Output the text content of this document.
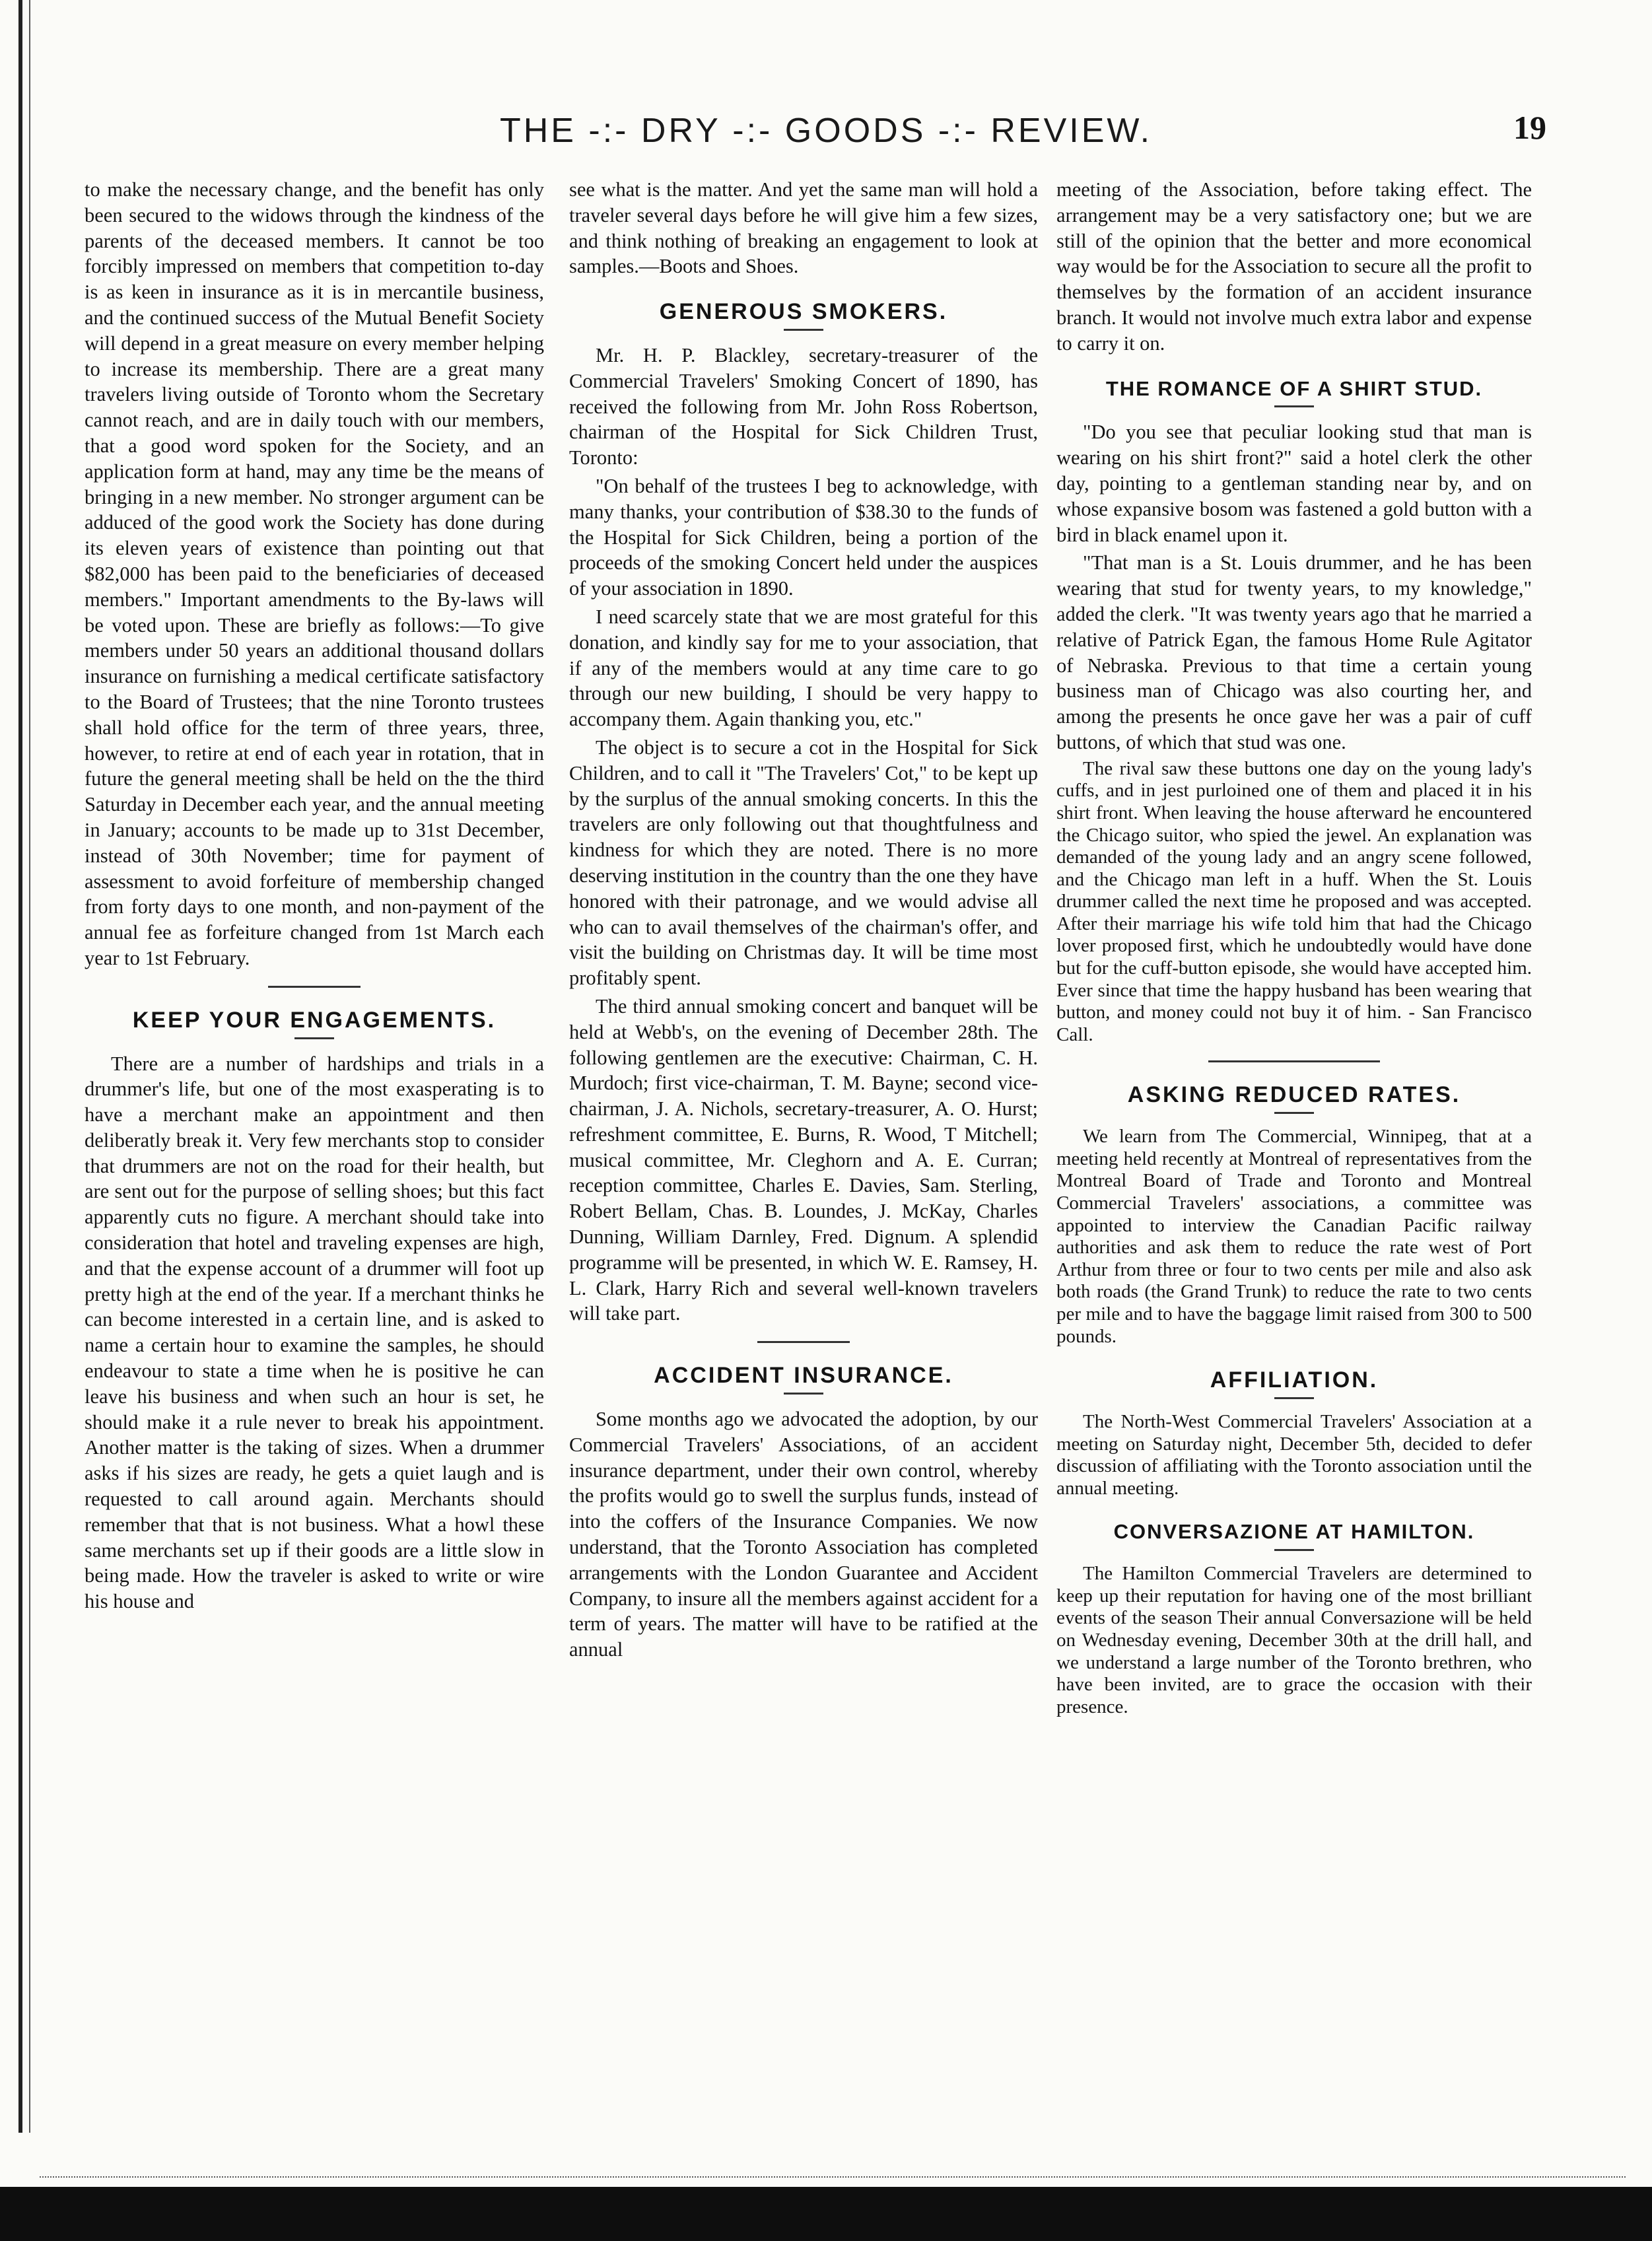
THE -:- DRY -:- GOODS -:- REVIEW.	19

to make the necessary change, and the benefit has only been secured to the widows through the kindness of the parents of the deceased members. It cannot be too forcibly impressed on members that competition to-day is as keen in insurance as it is in mercantile business, and the continued success of the Mutual Benefit Society will depend in a great measure on every member helping to increase its membership. There are a great many travelers living outside of Toronto whom the Secretary cannot reach, and are in daily touch with our members, that a good word spoken for the Society, and an application form at hand, may any time be the means of bringing in a new member. No stronger argument can be adduced of the good work the Society has done during its eleven years of existence than pointing out that $82,000 has been paid to the beneficiaries of deceased members." Important amendments to the By-laws will be voted upon. These are briefly as follows:—To give members under 50 years an additional thousand dollars insurance on furnishing a medical certificate satisfactory to the Board of Trustees; that the nine Toronto trustees shall hold office for the term of three years, three, however, to retire at end of each year in rotation, that in future the general meeting shall be held on the the third Saturday in December each year, and the annual meeting in January; accounts to be made up to 31st December, instead of 30th November; time for payment of assessment to avoid forfeiture of membership changed from forty days to one month, and non-payment of the annual fee as forfeiture changed from 1st March each year to 1st February.

KEEP YOUR ENGAGEMENTS.

There are a number of hardships and trials in a drummer's life, but one of the most exasperating is to have a merchant make an appointment and then deliberatly break it. Very few merchants stop to consider that drummers are not on the road for their health, but are sent out for the purpose of selling shoes; but this fact apparently cuts no figure. A merchant should take into consideration that hotel and traveling expenses are high, and that the expense account of a drummer will foot up pretty high at the end of the year. If a merchant thinks he can become interested in a certain line, and is asked to name a certain hour to examine the samples, he should endeavour to state a time when he is positive he can leave his business and when such an hour is set, he should make it a rule never to break his appointment. Another matter is the taking of sizes. When a drummer asks if his sizes are ready, he gets a quiet laugh and is requested to call around again. Merchants should remember that that is not business. What a howl these same merchants set up if their goods are a little slow in being made. How the traveler is asked to write or wire his house and

see what is the matter. And yet the same man will hold a traveler several days before he will give him a few sizes, and think nothing of breaking an engagement to look at samples.—Boots and Shoes.

GENEROUS SMOKERS.

Mr. H. P. Blackley, secretary-treasurer of the Commercial Travelers' Smoking Concert of 1890, has received the following from Mr. John Ross Robertson, chairman of the Hospital for Sick Children Trust, Toronto:

"On behalf of the trustees I beg to acknowledge, with many thanks, your contribution of $38.30 to the funds of the Hospital for Sick Children, being a portion of the proceeds of the smoking Concert held under the auspices of your association in 1890.

I need scarcely state that we are most grateful for this donation, and kindly say for me to your association, that if any of the members would at any time care to go through our new building, I should be very happy to accompany them. Again thanking you, etc."

The object is to secure a cot in the Hospital for Sick Children, and to call it "The Travelers' Cot," to be kept up by the surplus of the annual smoking concerts. In this the travelers are only following out that thoughtfulness and kindness for which they are noted. There is no more deserving institution in the country than the one they have honored with their patronage, and we would advise all who can to avail themselves of the chairman's offer, and visit the building on Christmas day. It will be time most profitably spent.

The third annual smoking concert and banquet will be held at Webb's, on the evening of December 28th. The following gentlemen are the executive: Chairman, C. H. Murdoch; first vice-chairman, T. M. Bayne; second vice-chairman, J. A. Nichols, secretary-treasurer, A. O. Hurst; refreshment committee, E. Burns, R. Wood, T Mitchell; musical committee, Mr. Cleghorn and A. E. Curran; reception committee, Charles E. Davies, Sam. Sterling, Robert Bellam, Chas. B. Loundes, J. McKay, Charles Dunning, William Darnley, Fred. Dignum. A splendid programme will be presented, in which W. E. Ramsey, H. L. Clark, Harry Rich and several well-known travelers will take part.

ACCIDENT INSURANCE.

Some months ago we advocated the adoption, by our Commercial Travelers' Associations, of an accident insurance department, under their own control, whereby the profits would go to swell the surplus funds, instead of into the coffers of the Insurance Companies. We now understand, that the Toronto Association has completed arrangements with the London Guarantee and Accident Company, to insure all the members against accident for a term of years. The matter will have to be ratified at the annual

meeting of the Association, before taking effect. The arrangement may be a very satisfactory one; but we are still of the opinion that the better and more economical way would be for the Association to secure all the profit to themselves by the formation of an accident insurance branch. It would not involve much extra labor and expense to carry it on.

THE ROMANCE OF A SHIRT STUD.

"Do you see that peculiar looking stud that man is wearing on his shirt front?" said a hotel clerk the other day, pointing to a gentleman standing near by, and on whose expansive bosom was fastened a gold button with a bird in black enamel upon it.

"That man is a St. Louis drummer, and he has been wearing that stud for twenty years, to my knowledge," added the clerk. "It was twenty years ago that he married a relative of Patrick Egan, the famous Home Rule Agitator of Nebraska. Previous to that time a certain young business man of Chicago was also courting her, and among the presents he once gave her was a pair of cuff buttons, of which that stud was one.

The rival saw these buttons one day on the young lady's cuffs, and in jest purloined one of them and placed it in his shirt front. When leaving the house afterward he encountered the Chicago suitor, who spied the jewel. An explanation was demanded of the young lady and an angry scene followed, and the Chicago man left in a huff. When the St. Louis drummer called the next time he proposed and was accepted. After their marriage his wife told him that had the Chicago lover proposed first, which he undoubtedly would have done but for the cuff-button episode, she would have accepted him. Ever since that time the happy husband has been wearing that button, and money could not buy it of him. - San Francisco Call.

ASKING REDUCED RATES.

We learn from The Commercial, Winnipeg, that at a meeting held recently at Montreal of representatives from the Montreal Board of Trade and Toronto and Montreal Commercial Travelers' associations, a committee was appointed to interview the Canadian Pacific railway authorities and ask them to reduce the rate west of Port Arthur from three or four to two cents per mile and also ask both roads (the Grand Trunk) to reduce the rate to two cents per mile and to have the baggage limit raised from 300 to 500 pounds.

AFFILIATION.

The North-West Commercial Travelers' Association at a meeting on Saturday night, December 5th, decided to defer discussion of affiliating with the Toronto association until the annual meeting.

CONVERSAZIONE AT HAMILTON.

The Hamilton Commercial Travelers are determined to keep up their reputation for having one of the most brilliant events of the season Their annual Conversazione will be held on Wednesday evening, December 30th at the drill hall, and we understand a large number of the Toronto brethren, who have been invited, are to grace the occasion with their presence.
